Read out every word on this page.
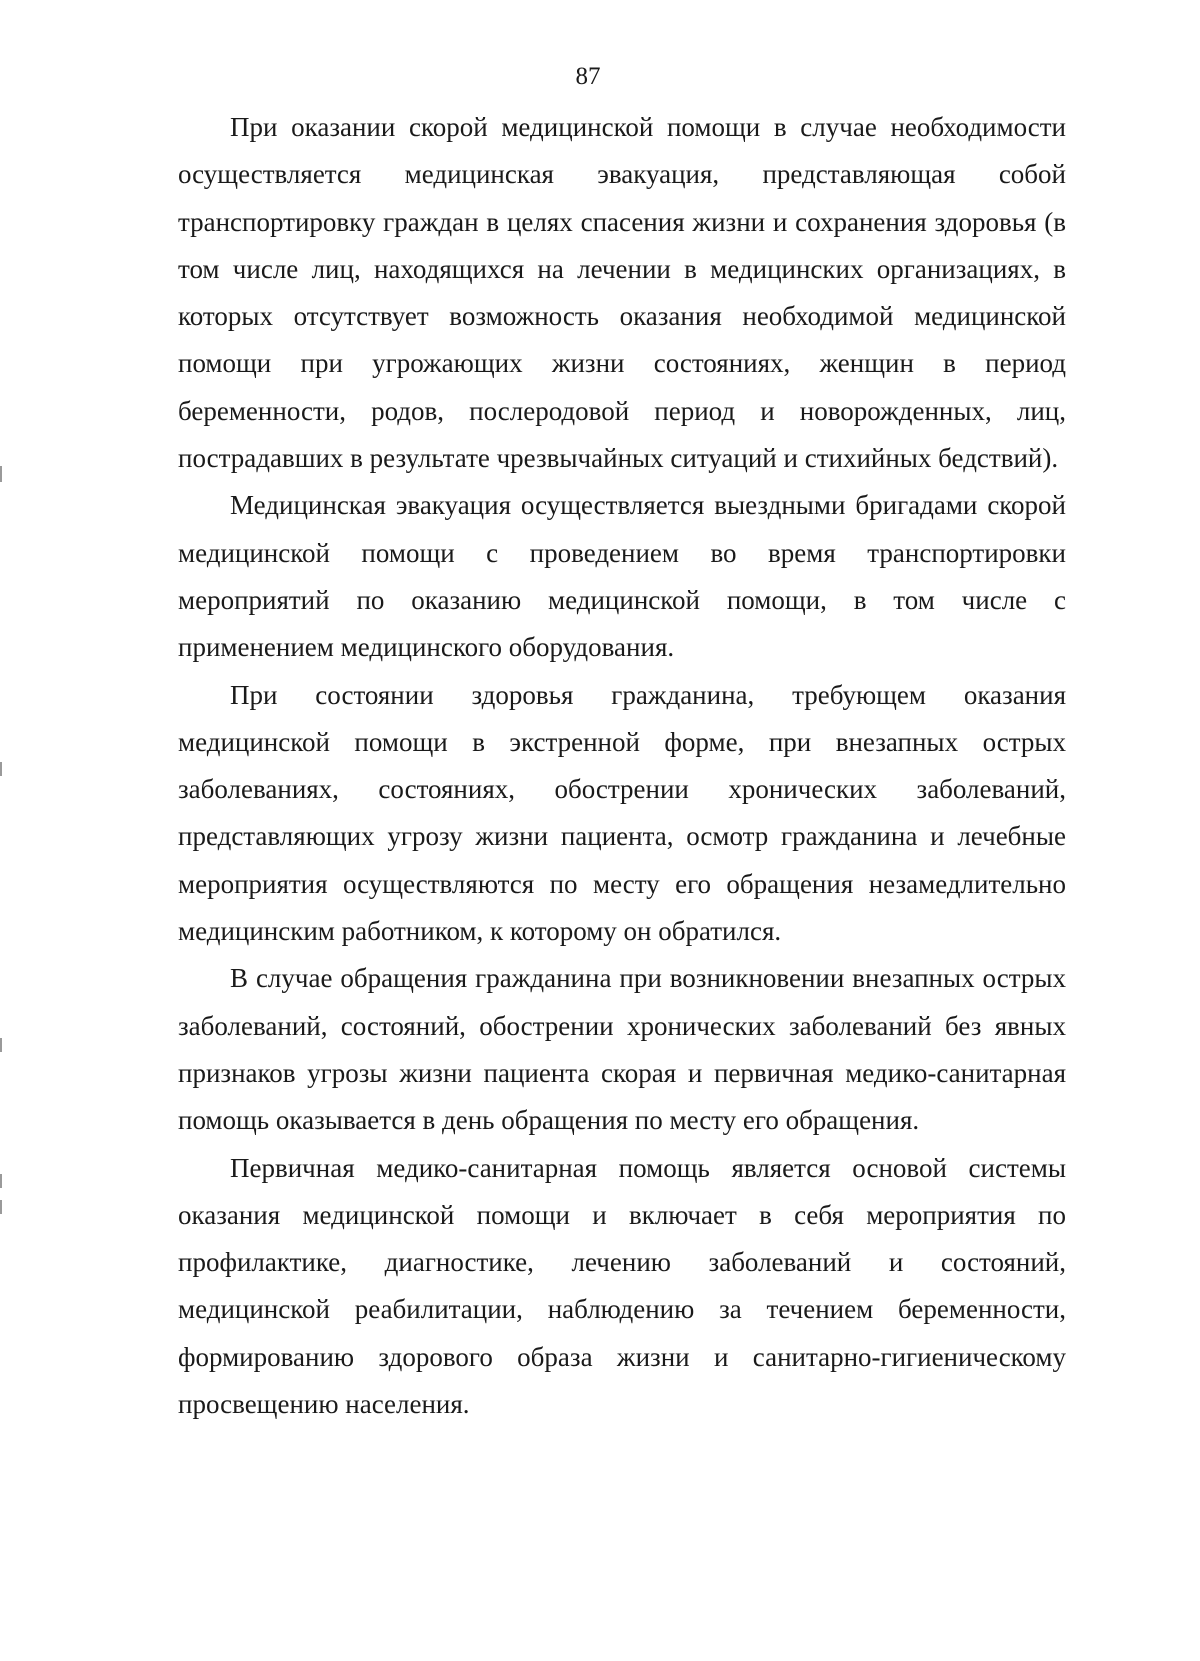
87

При оказании скорой медицинской помощи в случае необходимости осуществляется медицинская эвакуация, представляющая собой транспортировку граждан в целях спасения жизни и сохранения здоровья (в том числе лиц, находящихся на лечении в медицинских организациях, в которых отсутствует возможность оказания необходимой медицинской помощи при угрожающих жизни состояниях, женщин в период беременности, родов, послеродовой период и новорожденных, лиц, пострадавших в результате чрезвычайных ситуаций и стихийных бедствий).

Медицинская эвакуация осуществляется выездными бригадами скорой медицинской помощи с проведением во время транспортировки мероприятий по оказанию медицинской помощи, в том числе с применением медицинского оборудования.

При состоянии здоровья гражданина, требующем оказания медицинской помощи в экстренной форме, при внезапных острых заболеваниях, состояниях, обострении хронических заболеваний, представляющих угрозу жизни пациента, осмотр гражданина и лечебные мероприятия осуществляются по месту его обращения незамедлительно медицинским работником, к которому он обратился.

В случае обращения гражданина при возникновении внезапных острых заболеваний, состояний, обострении хронических заболеваний без явных признаков угрозы жизни пациента скорая и первичная медико-санитарная помощь оказывается в день обращения по месту его обращения.

Первичная медико-санитарная помощь является основой системы оказания медицинской помощи и включает в себя мероприятия по профилактике, диагностике, лечению заболеваний и состояний, медицинской реабилитации, наблюдению за течением беременности, формированию здорового образа жизни и санитарно-гигиеническому просвещению населения.
